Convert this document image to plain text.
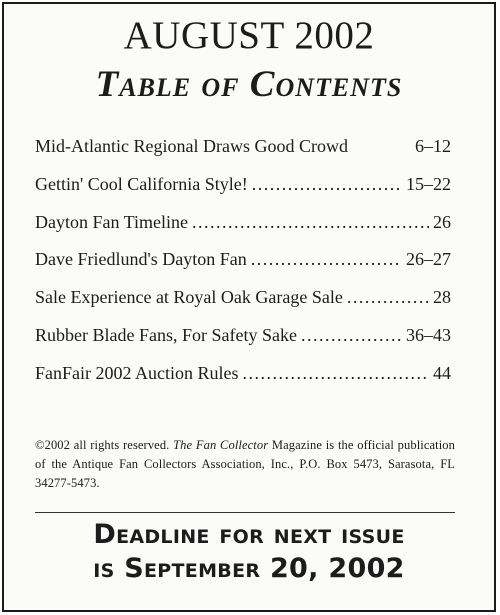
AUGUST 2002
Table of Contents
Mid-Atlantic Regional Draws Good Crowd	6–12
Gettin' Cool California Style! .....	15–22
Dayton Fan Timeline .....	26
Dave Friedlund's Dayton Fan .....	26–27
Sale Experience at Royal Oak Garage Sale .....	28
Rubber Blade Fans, For Safety Sake .....	36–43
FanFair 2002 Auction Rules .....	44
©2002 all rights reserved. The Fan Collector Magazine is the official publication of the Antique Fan Collectors Association, Inc., P.O. Box 5473, Sarasota, FL 34277-5473.
Deadline for next issue
is September 20, 2002
